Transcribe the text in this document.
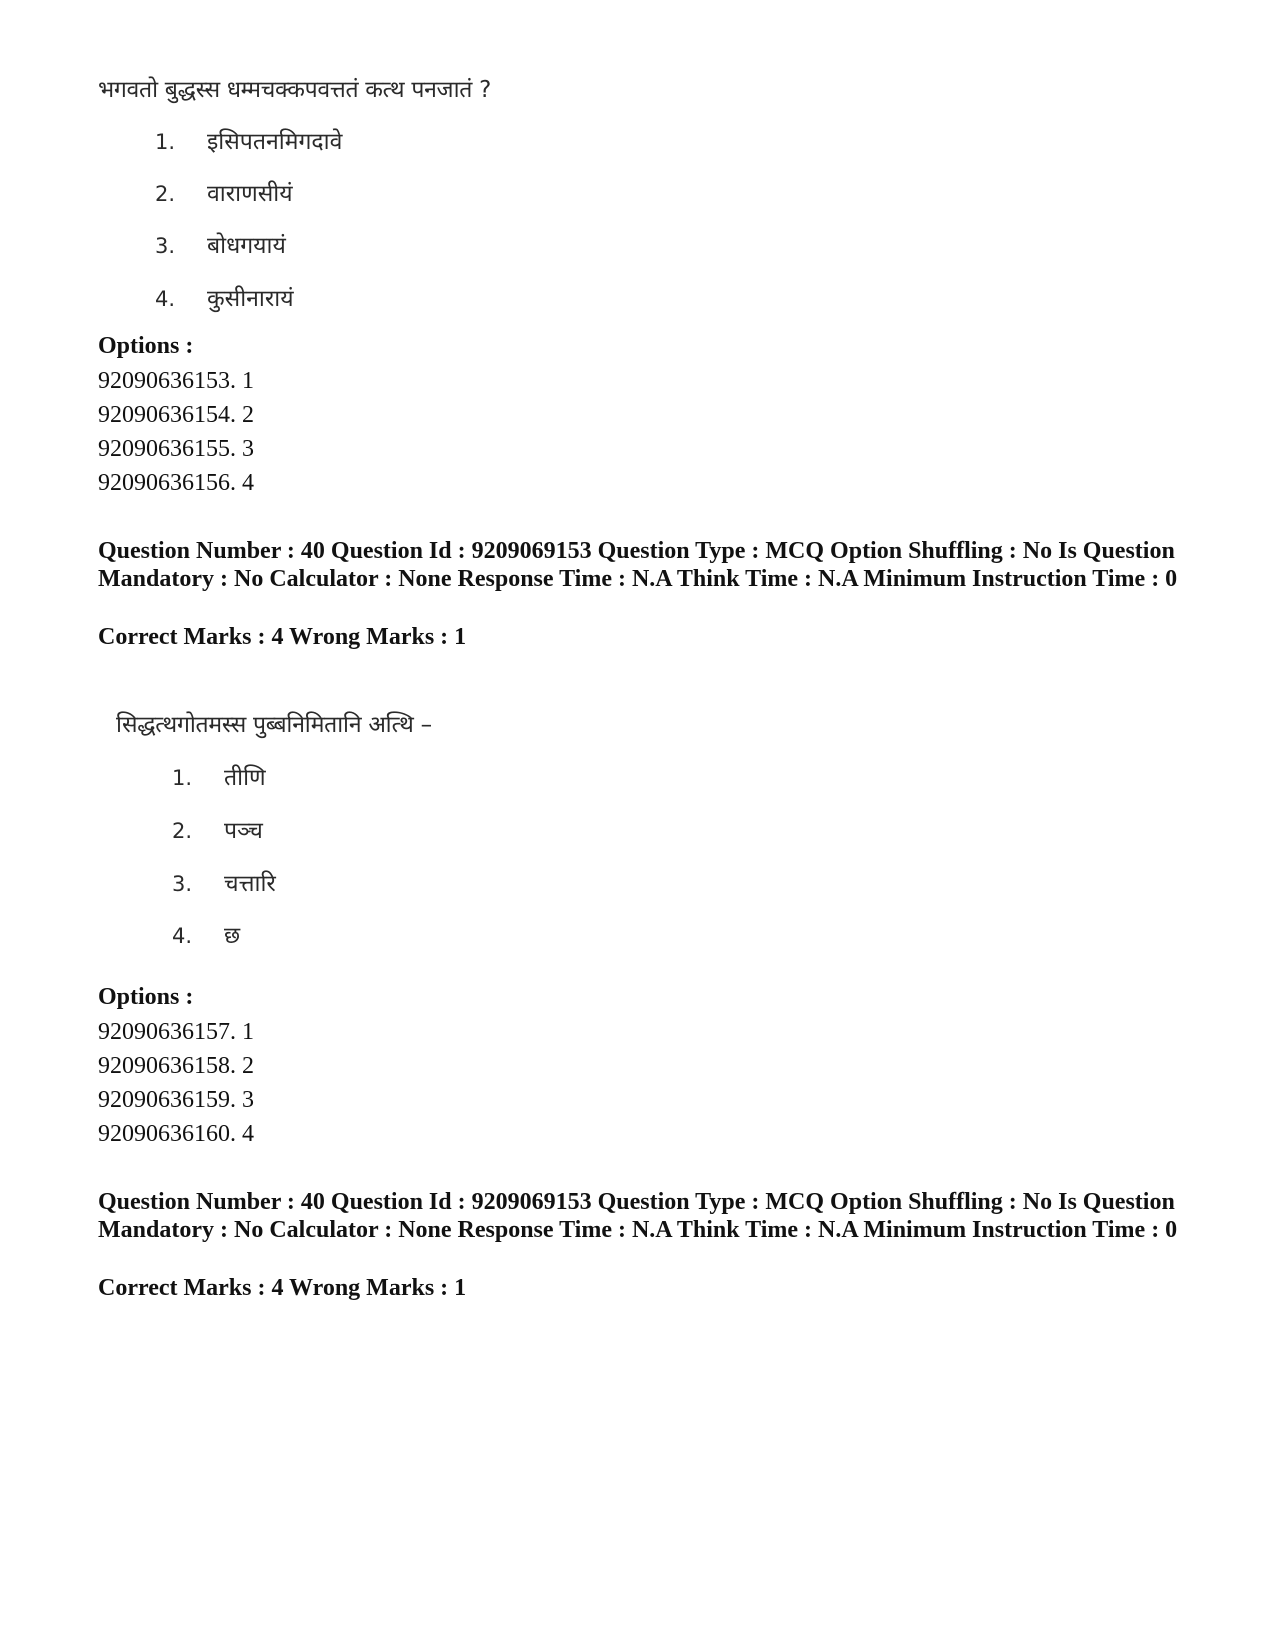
भगवतो बुद्धस्स धम्मचक्कपवत्ततं कत्थ पनजातं ?
1. इसिपतनमिगदावे
2. वाराणसीयं
3. बोधगयायं
4. कुसीनारायं
Options :
92090636153. 1
92090636154. 2
92090636155. 3
92090636156. 4
Question Number : 40 Question Id : 9209069153 Question Type : MCQ Option Shuffling : No Is Question Mandatory : No Calculator : None Response Time : N.A Think Time : N.A Minimum Instruction Time : 0
Correct Marks : 4 Wrong Marks : 1
सिद्धत्थगोतमस्स पुब्बनिमितानि अत्थि –
1. तीणि
2. पञ्च
3. चत्तारि
4. छ
Options :
92090636157. 1
92090636158. 2
92090636159. 3
92090636160. 4
Question Number : 40 Question Id : 9209069153 Question Type : MCQ Option Shuffling : No Is Question Mandatory : No Calculator : None Response Time : N.A Think Time : N.A Minimum Instruction Time : 0
Correct Marks : 4 Wrong Marks : 1
